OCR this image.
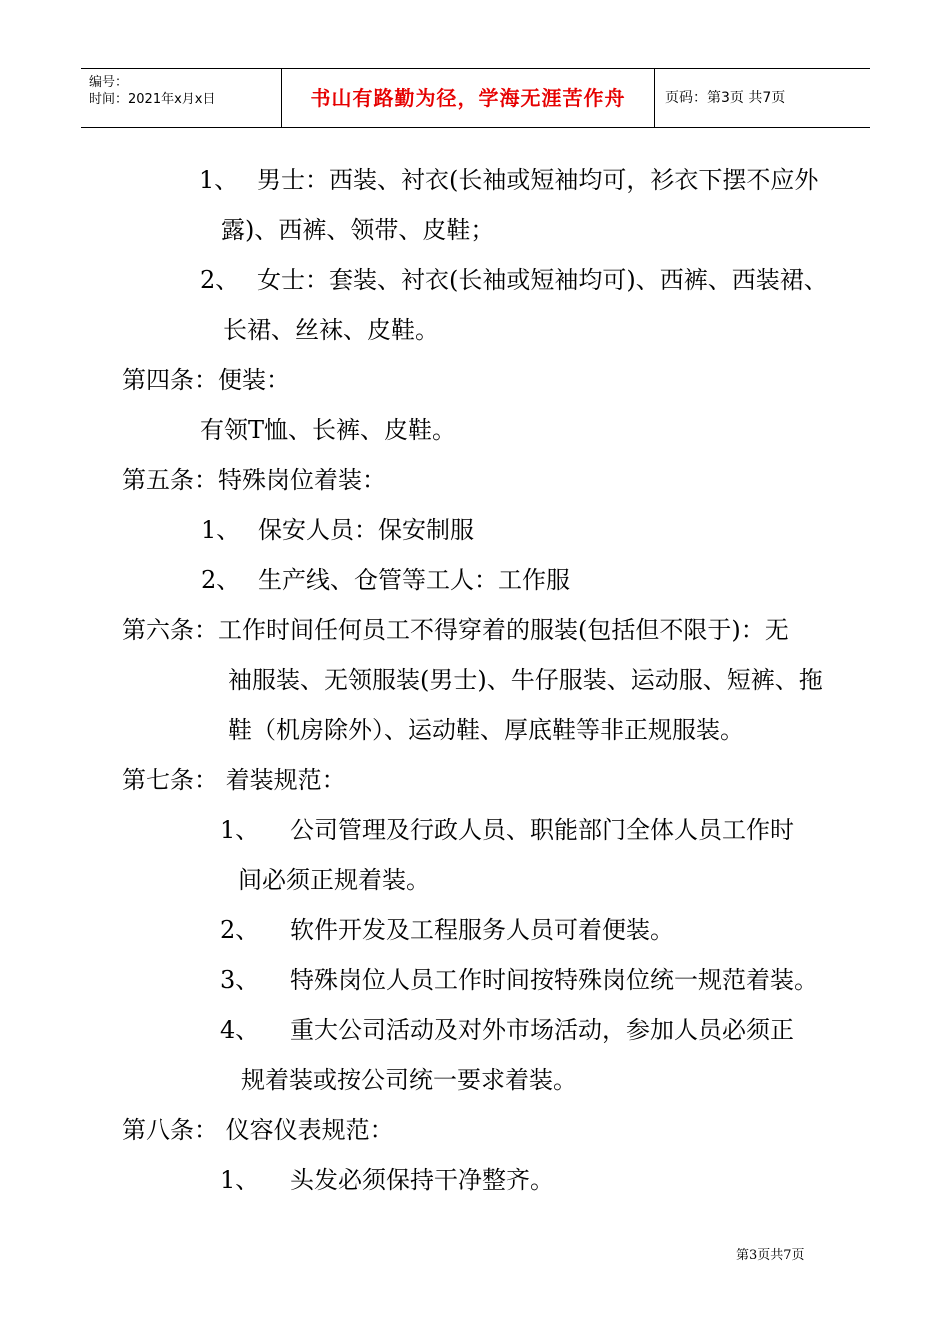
编号：
时间：2021年x月x日	书山有路勤为径，学海无涯苦作舟	页码：第3页 共7页
1、 男士：西装、衬衣(长袖或短袖均可，衫衣下摆不应外
露)、西裤、领带、皮鞋；
2、 女士：套装、衬衣(长袖或短袖均可)、西裤、西装裙、
长裙、丝袜、皮鞋。
第四条：便装：
有领T恤、长裤、皮鞋。
第五条：特殊岗位着装：
1、 保安人员：保安制服
2、 生产线、仓管等工人：工作服
第六条：工作时间任何员工不得穿着的服装(包括但不限于)：无
袖服装、无领服装(男士)、牛仔服装、运动服、短裤、拖
鞋（机房除外）、运动鞋、厚底鞋等非正规服装。
第七条： 着装规范：
1、 公司管理及行政人员、职能部门全体人员工作时
间必须正规着装。
2、 软件开发及工程服务人员可着便装。
3、 特殊岗位人员工作时间按特殊岗位统一规范着装。
4、 重大公司活动及对外市场活动，参加人员必须正
规着装或按公司统一要求着装。
第八条： 仪容仪表规范：
1、 头发必须保持干净整齐。
第3页共7页
